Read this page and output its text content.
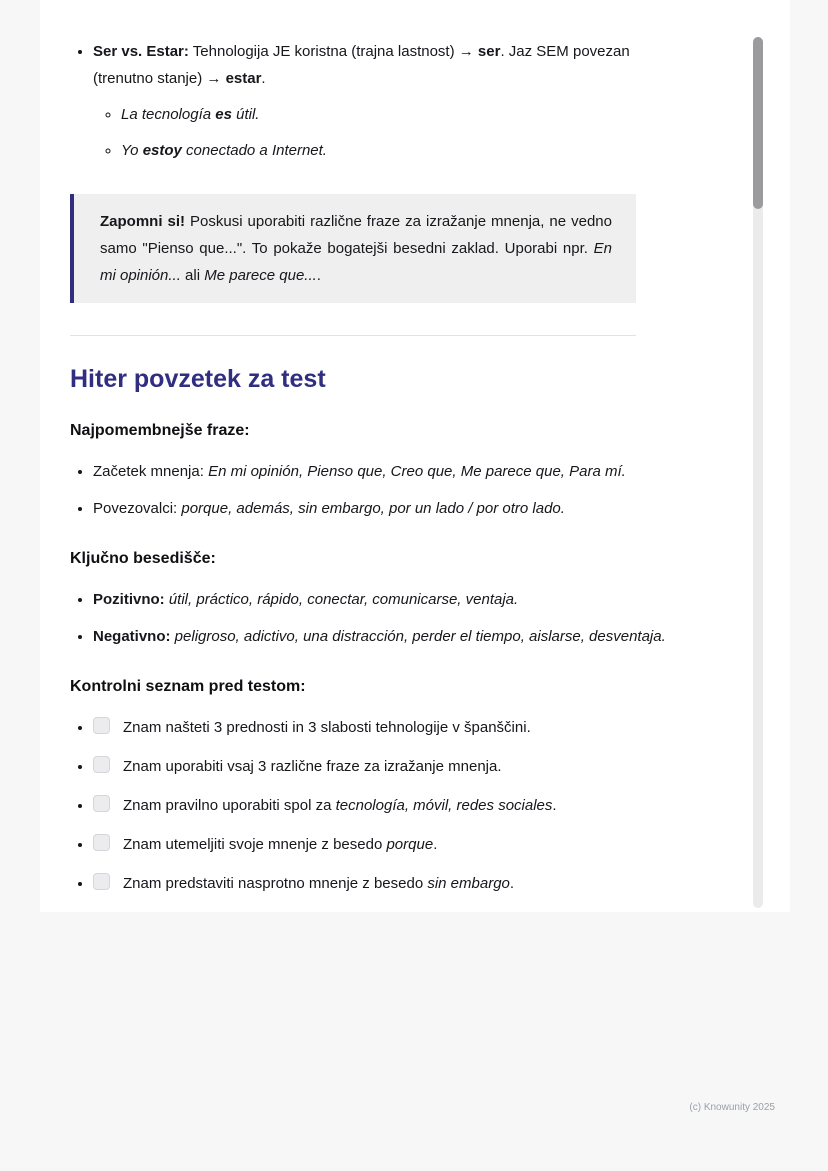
• Ser vs. Estar: Tehnologija JE koristna (trajna lastnost) → ser. Jaz SEM povezan (trenutno stanje) → estar.
◦ La tecnología es útil.
◦ Yo estoy conectado a Internet.
Zapomni si! Poskusi uporabiti različne fraze za izražanje mnenja, ne vedno samo "Pienso que...". To pokaže bogatejši besedni zaklad. Uporabi npr. En mi opinión... ali Me parece que....
Hiter povzetek za test

Najpomembnejše fraze:

• Začetek mnenja: En mi opinión, Pienso que, Creo que, Me parece que, Para mí.
• Povezovalci: porque, además, sin embargo, por un lado / por otro lado.

Ključno besedišče:

• Pozitivno: útil, práctico, rápido, conectar, comunicarse, ventaja.
• Negativno: peligroso, adictivo, una distracción, perder el tiempo, aislarse, desventaja.

Kontrolni seznam pred testom:

• Znam našteti 3 prednosti in 3 slabosti tehnologije v španščini.
• Znam uporabiti vsaj 3 različne fraze za izražanje mnenja.
• Znam pravilno uporabiti spol za tecnología, móvil, redes sociales.
• Znam utemeljiti svoje mnenje z besedo porque.
• Znam predstaviti nasprotno mnenje z besedo sin embargo.
(c) Knowunity 2025
